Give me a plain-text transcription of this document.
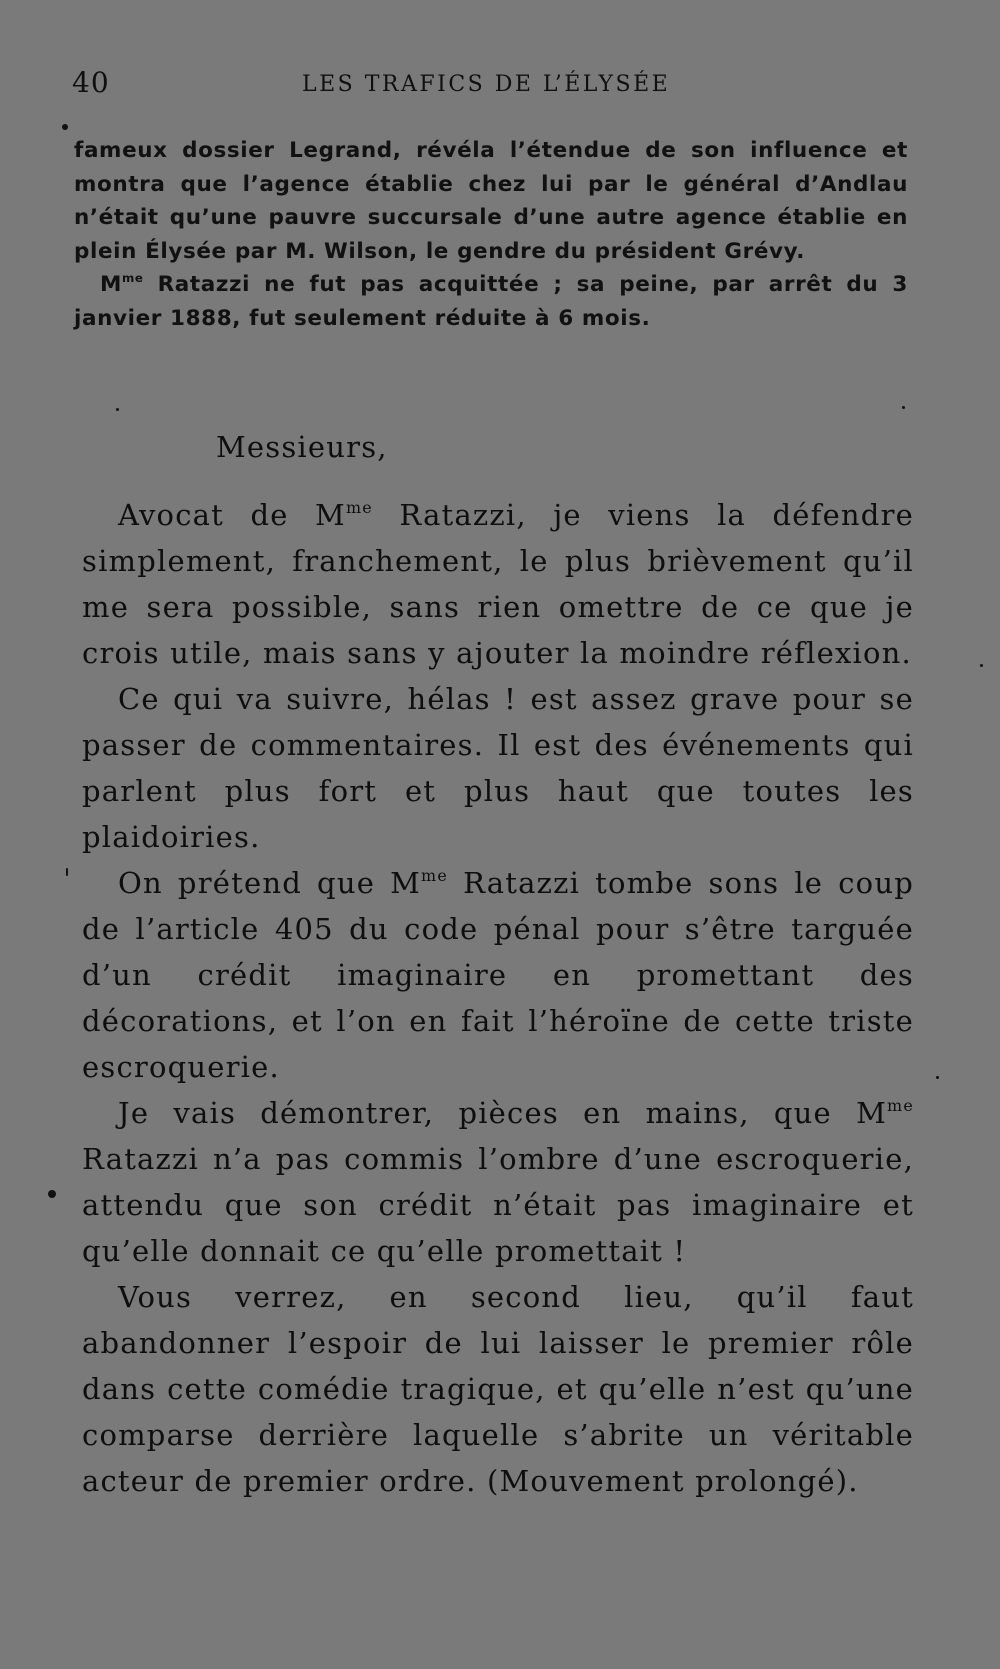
40	LES TRAFICS DE L’ÉLYSÉE

fameux dossier Legrand, révéla l’étendue de son influence et montra que l’agence établie chez lui par le général d’Andlau n’était qu’une pauvre succursale d’une autre agence établie en plein Élysée par M. Wilson, le gendre du président Grévy.

$M^{me}$ Ratazzi ne fut pas acquittée ; sa peine, par arrêt du 3 janvier 1888, fut seulement réduite à 6 mois.

Messieurs,

Avocat de $M^{me}$ Ratazzi, je viens la défendre simplement, franchement, le plus brièvement qu’il me sera possible, sans rien omettre de ce que je crois utile, mais sans y ajouter la moindre réflexion.

Ce qui va suivre, hélas ! est assez grave pour se passer de commentaires. Il est des événements qui parlent plus fort et plus haut que toutes les plaidoiries.

On prétend que $M^{me}$ Ratazzi tombe sons le coup de l’article 405 du code pénal pour s’être targuée d’un crédit imaginaire en promettant des décorations, et l’on en fait l’héroïne de cette triste escroquerie.

Je vais démontrer, pièces en mains, que $M^{me}$ Ratazzi n’a pas commis l’ombre d’une escroquerie, attendu que son crédit n’était pas imaginaire et qu’elle donnait ce qu’elle promettait !

Vous verrez, en second lieu, qu’il faut abandonner l’espoir de lui laisser le premier rôle dans cette comédie tragique, et qu’elle n’est qu’une comparse derrière laquelle s’abrite un véritable acteur de premier ordre. (Mouvement prolongé).
